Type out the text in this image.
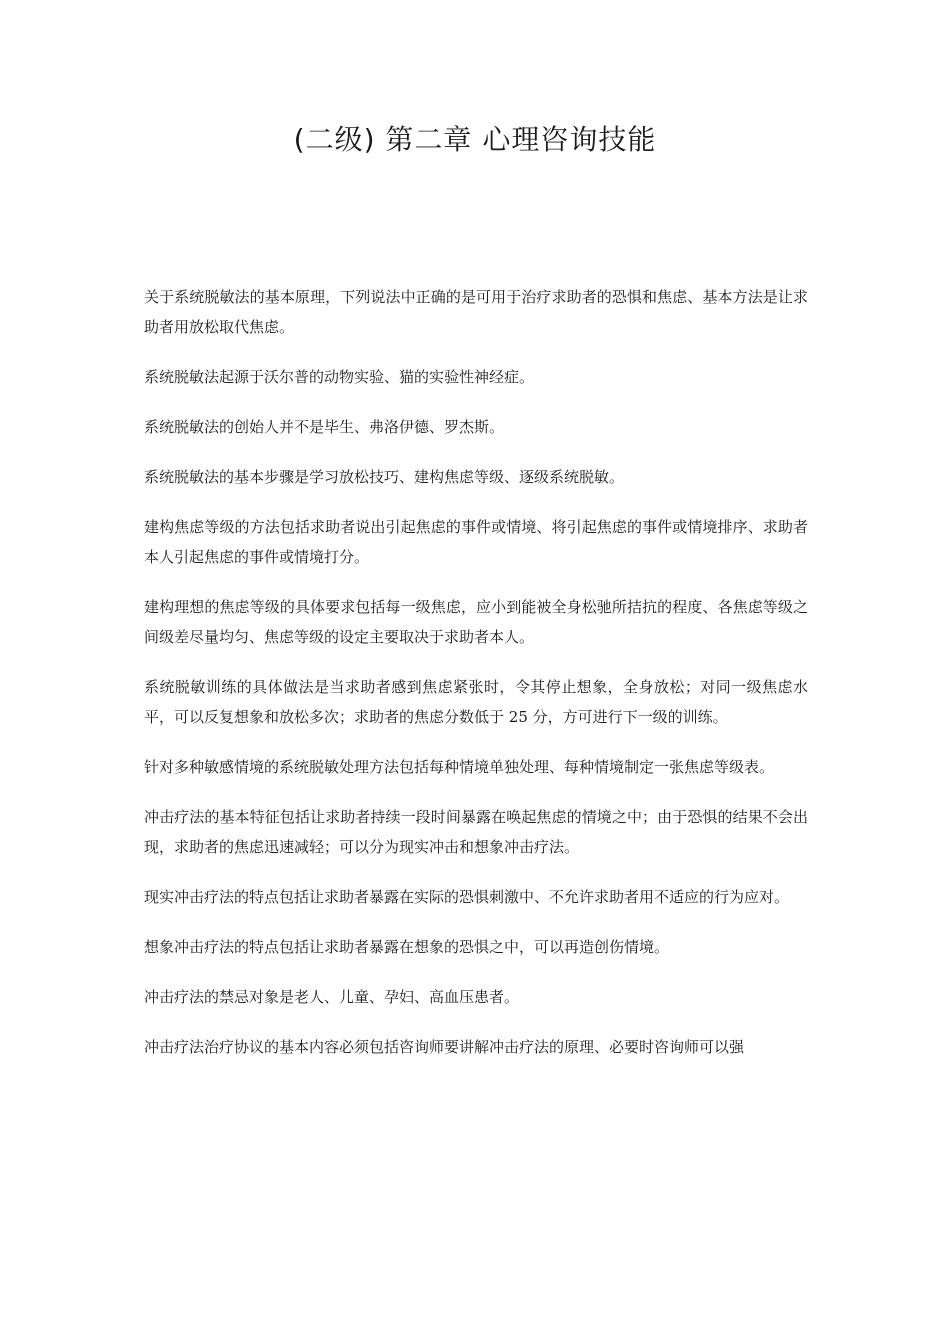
(二级) 第二章 心理咨询技能

关于系统脱敏法的基本原理，下列说法中正确的是可用于治疗求助者的恐惧和焦虑、基本方法是让求助者用放松取代焦虑。

系统脱敏法起源于沃尔普的动物实验、猫的实验性神经症。

系统脱敏法的创始人并不是毕生、弗洛伊德、罗杰斯。

系统脱敏法的基本步骤是学习放松技巧、建构焦虑等级、逐级系统脱敏。

建构焦虑等级的方法包括求助者说出引起焦虑的事件或情境、将引起焦虑的事件或情境排序、求助者本人引起焦虑的事件或情境打分。

建构理想的焦虑等级的具体要求包括每一级焦虑，应小到能被全身松驰所拮抗的程度、各焦虑等级之间级差尽量均匀、焦虑等级的设定主要取决于求助者本人。

系统脱敏训练的具体做法是当求助者感到焦虑紧张时，令其停止想象，全身放松；对同一级焦虑水平，可以反复想象和放松多次；求助者的焦虑分数低于 25 分，方可进行下一级的训练。

针对多种敏感情境的系统脱敏处理方法包括每种情境单独处理、每种情境制定一张焦虑等级表。

冲击疗法的基本特征包括让求助者持续一段时间暴露在唤起焦虑的情境之中；由于恐惧的结果不会出现，求助者的焦虑迅速减轻；可以分为现实冲击和想象冲击疗法。

现实冲击疗法的特点包括让求助者暴露在实际的恐惧刺激中、不允许求助者用不适应的行为应对。

想象冲击疗法的特点包括让求助者暴露在想象的恐惧之中，可以再造创伤情境。

冲击疗法的禁忌对象是老人、儿童、孕妇、高血压患者。

冲击疗法治疗协议的基本内容必须包括咨询师要讲解冲击疗法的原理、必要时咨询师可以强
